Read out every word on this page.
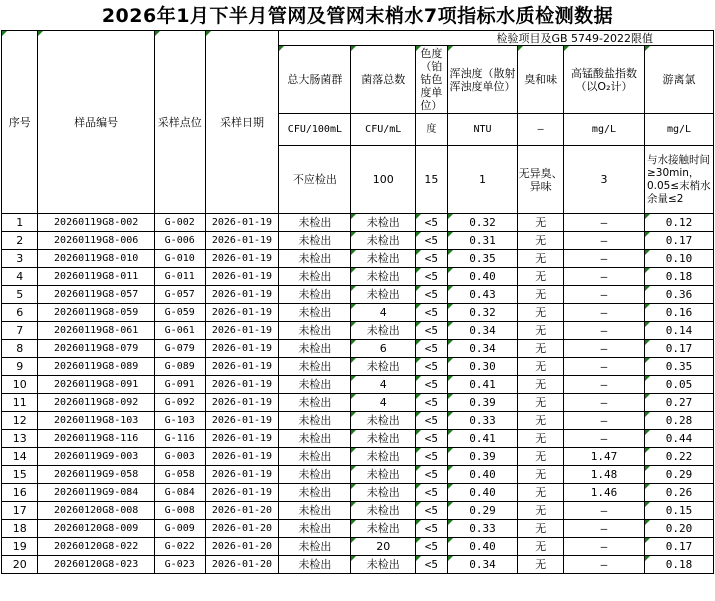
2026年1月下半月管网及管网末梢水7项指标水质检测数据
序号	样品编号	采样点位	采样日期	检验项目及GB 5749-2022限值						
				总大肠菌群	菌落总数	色度（铂钴色度单位）	浑浊度（散射浑浊度单位）	臭和味	高锰酸盐指数（以O₂计）	游离氯
				CFU/100mL	CFU/mL	度	NTU	—	mg/L	mg/L
				不应检出	100	15	1	无异臭、异味	3	与水接触时间≥30min，0.05≤末梢水余量≤2
1	20260119G8-002	G-002	2026-01-19	未检出	未检出	<5	0.32	无	—	0.12
2	20260119G8-006	G-006	2026-01-19	未检出	未检出	<5	0.31	无	—	0.17
3	20260119G8-010	G-010	2026-01-19	未检出	未检出	<5	0.35	无	—	0.10
4	20260119G8-011	G-011	2026-01-19	未检出	未检出	<5	0.40	无	—	0.18
5	20260119G8-057	G-057	2026-01-19	未检出	未检出	<5	0.43	无	—	0.36
6	20260119G8-059	G-059	2026-01-19	未检出	4	<5	0.32	无	—	0.16
7	20260119G8-061	G-061	2026-01-19	未检出	未检出	<5	0.34	无	—	0.14
8	20260119G8-079	G-079	2026-01-19	未检出	6	<5	0.34	无	—	0.17
9	20260119G8-089	G-089	2026-01-19	未检出	未检出	<5	0.30	无	—	0.35
10	20260119G8-091	G-091	2026-01-19	未检出	4	<5	0.41	无	—	0.05
11	20260119G8-092	G-092	2026-01-19	未检出	4	<5	0.39	无	—	0.27
12	20260119G8-103	G-103	2026-01-19	未检出	未检出	<5	0.33	无	—	0.28
13	20260119G8-116	G-116	2026-01-19	未检出	未检出	<5	0.41	无	—	0.44
14	20260119G9-003	G-003	2026-01-19	未检出	未检出	<5	0.39	无	1.47	0.22
15	20260119G9-058	G-058	2026-01-19	未检出	未检出	<5	0.40	无	1.48	0.29
16	20260119G9-084	G-084	2026-01-19	未检出	未检出	<5	0.40	无	1.46	0.26
17	20260120G8-008	G-008	2026-01-20	未检出	未检出	<5	0.29	无	—	0.15
18	20260120G8-009	G-009	2026-01-20	未检出	未检出	<5	0.33	无	—	0.20
19	20260120G8-022	G-022	2026-01-20	未检出	20	<5	0.40	无	—	0.17
20	20260120G8-023	G-023	2026-01-20	未检出	未检出	<5	0.34	无	—	0.18
